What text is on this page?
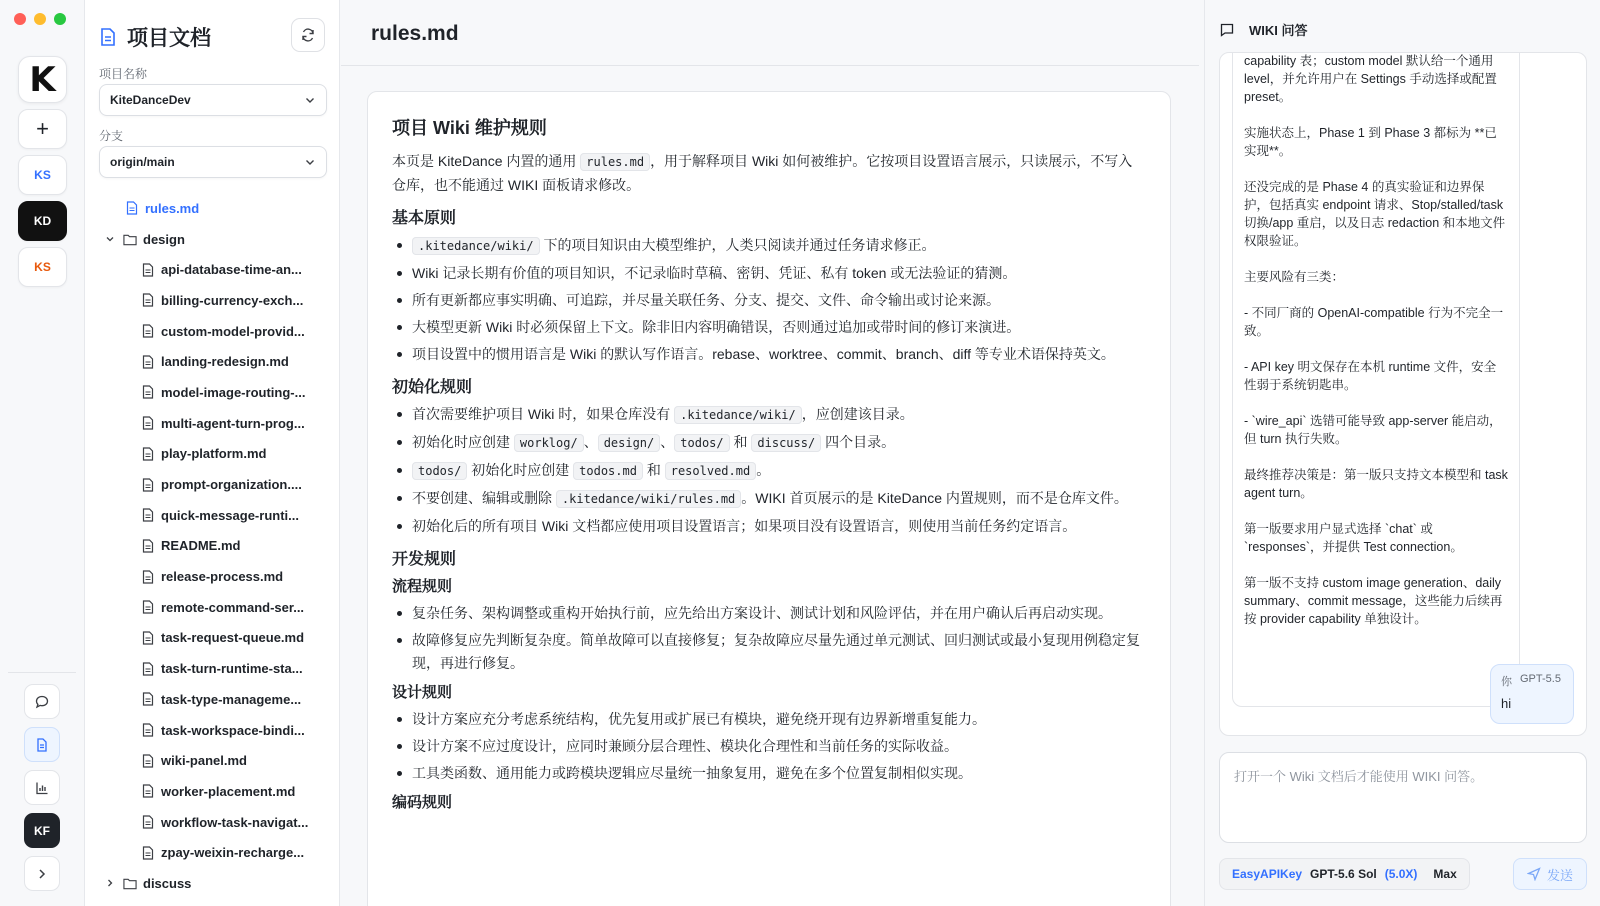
K
+
KS
KD
KS
KF
项目文档
项目名称
KiteDanceDev
分支
origin/main
rules.md
design
api-database-time-an...
billing-currency-exch...
custom-model-provid...
landing-redesign.md
model-image-routing-...
multi-agent-turn-prog...
play-platform.md
prompt-organization....
quick-message-runti...
README.md
release-process.md
remote-command-ser...
task-request-queue.md
task-turn-runtime-sta...
task-type-manageme...
task-workspace-bindi...
wiki-panel.md
worker-placement.md
workflow-task-navigat...
zpay-weixin-recharge...
discuss
rules.md
项目 Wiki 维护规则

本页是 KiteDance 内置的通用 rules.md ，用于解释项目 Wiki 如何被维护。它按项目设置语言展示，只读展示，不写入仓库，也不能通过 WIKI 面板请求修改。

基本原则
.kitedance/wiki/ 下的项目知识由大模型维护，人类只阅读并通过任务请求修正。
Wiki 记录长期有价值的项目知识，不记录临时草稿、密钥、凭证、私有 token 或无法验证的猜测。
所有更新都应事实明确、可追踪，并尽量关联任务、分支、提交、文件、命令输出或讨论来源。
大模型更新 Wiki 时必须保留上下文。除非旧内容明确错误，否则通过追加或带时间的修订来演进。
项目设置中的惯用语言是 Wiki 的默认写作语言。rebase、worktree、commit、branch、diff 等专业术语保持英文。
初始化规则
首次需要维护项目 Wiki 时，如果仓库没有 .kitedance/wiki/ ，应创建该目录。
初始化时应创建 worklog/ 、 design/ 、 todos/ 和 discuss/ 四个目录。
todos/ 初始化时应创建 todos.md 和 resolved.md 。
不要创建、编辑或删除 .kitedance/wiki/rules.md 。WIKI 首页展示的是 KiteDance 内置规则，而不是仓库文件。
初始化后的所有项目 Wiki 文档都应使用项目设置语言；如果项目没有设置语言，则使用当前任务约定语言。
开发规则
流程规则
复杂任务、架构调整或重构开始执行前，应先给出方案设计、测试计划和风险评估，并在用户确认后再启动实现。
故障修复应先判断复杂度。简单故障可以直接修复；复杂故障应尽量先通过单元测试、回归测试或最小复现用例稳定复现，再进行修复。
设计规则
设计方案应充分考虑系统结构，优先复用或扩展已有模块，避免绕开现有边界新增重复能力。
设计方案不应过度设计，应同时兼顾分层合理性、模块化合理性和当前任务的实际收益。
工具类函数、通用能力或跨模块逻辑应尽量统一抽象复用，避免在多个位置复制相似实现。
编码规则
WIKI 问答

capability 表；custom model 默认给一个通用 level，并允许用户在 Settings 手动选择或配置 preset。

实施状态上，Phase 1 到 Phase 3 都标为 **已实现**。

还没完成的是 Phase 4 的真实验证和边界保护，包括真实 endpoint 请求、Stop/stalled/task 切换/app 重启，以及日志 redaction 和本地文件权限验证。

主要风险有三类：

- 不同厂商的 OpenAI-compatible 行为不完全一致。

- API key 明文保存在本机 runtime 文件，安全性弱于系统钥匙串。

- `wire_api` 选错可能导致 app-server 能启动，但 turn 执行失败。

最终推荐决策是：第一版只支持文本模型和 task agent turn。

第一版要求用户显式选择 `chat` 或 `responses`，并提供 Test connection。

第一版不支持 custom image generation、daily summary、commit message，这些能力后续再按 provider capability 单独设计。

你 GPT-5.5
hi
打开一个 Wiki 文档后才能使用 WIKI 问答。
EasyAPIKey GPT-5.6 Sol (5.0X) Max	发送
